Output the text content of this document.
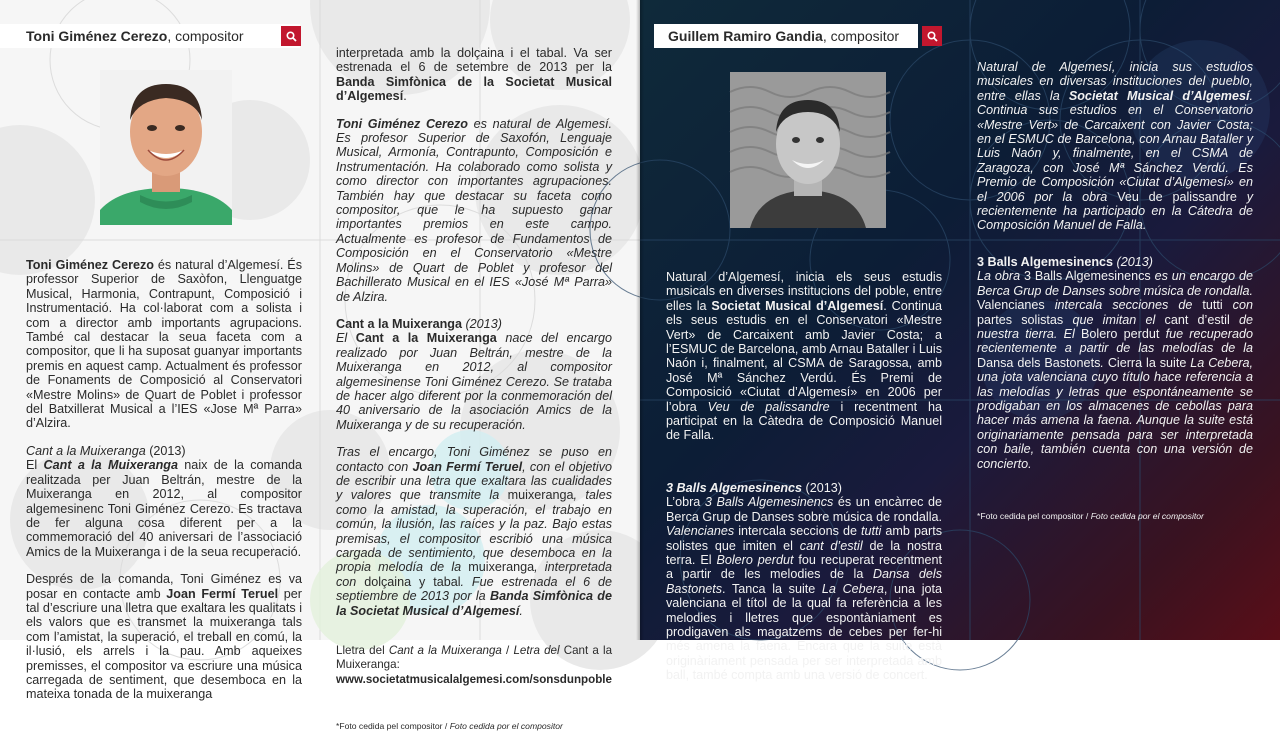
Toni Giménez Cerezo, compositor

Toni Giménez Cerezo és natural d’Algemesí. És professor Superior de Saxòfon, Llenguatge Musical, Harmonia, Contrapunt, Composició i Instrumentació. Ha col·laborat com a solista i com a director amb importants agrupacions. També cal destacar la seua faceta com a compositor, que li ha suposat guanyar importants premis en aquest camp. Actualment és professor de Fonaments de Composició al Conservatori «Mestre Molins» de Quart de Poblet i professor del Batxillerat Musical a l’IES «Jose Mª Parra» d’Alzira.

Cant a la Muixeranga (2013)

El Cant a la Muixeranga naix de la comanda realitzada per Juan Beltrán, mestre de la Muixeranga en 2012, al compositor algemesinenc Toni Giménez Cerezo. Es tractava de fer alguna cosa diferent per a la commemoració del 40 aniversari de l’associació Amics de la Muixeranga i de la seua recuperació.

Després de la comanda, Toni Giménez es va posar en contacte amb Joan Fermí Teruel per tal d’escriure una lletra que exaltara les qualitats i els valors que es transmet la muixeranga tals com l’amistat, la superació, el treball en comú, la il·lusió, els arrels i la pau. Amb aqueixes premisses, el compositor va escriure una música carregada de sentiment, que desemboca en la mateixa tonada de la muixeranga

interpretada amb la dolçaina i el tabal. Va ser estrenada el 6 de setembre de 2013 per la Banda Simfònica de la Societat Musical d’Algemesí.

Toni Giménez Cerezo es natural de Algemesí. Es profesor Superior de Saxofón, Lenguaje Musical, Armonía, Contrapunto, Composición e Instrumentación. Ha colaborado como solista y como director con importantes agrupaciones. También hay que destacar su faceta como compositor, que le ha supuesto ganar importantes premios en este campo. Actualmente es profesor de Fundamentos de Composición en el Conservatorio «Mestre Molins» de Quart de Poblet y profesor del Bachillerato Musical en el IES «José Mª Parra» de Alzira.

Cant a la Muixeranga (2013)

El Cant a la Muixeranga nace del encargo realizado por Juan Beltrán, mestre de la Muixeranga en 2012, al compositor algemesinense Toni Giménez Cerezo. Se trataba de hacer algo diferent por la conmemoración del 40 aniversario de la asociación Amics de la Muixeranga y de su recuperación.

Tras el encargo, Toni Giménez se puso en contacto con Joan Fermí Teruel, con el objetivo de escribir una letra que exaltara las cualidades y valores que transmite la muixeranga, tales como la amistad, la superación, el trabajo en común, la ilusión, las raíces y la paz. Bajo estas premisas, el compositor escribió una música cargada de sentimiento, que desemboca en la propia melodía de la muixeranga, interpretada con dolçaina y tabal. Fue estrenada el 6 de septiembre de 2013 por la Banda Simfònica de la Societat Musical d’Algemesí.

Lletra del Cant a la Muixeranga / Letra del Cant a la Muixeranga:

www.societatmusicalalgemesi.com/sonsdunpoble

*Foto cedida pel compositor / Foto cedida por el compositor

Guillem Ramiro Gandia, compositor

Natural d’Algemesí, inicia els seus estudis musicals en diverses institucions del poble, entre elles la Societat Musical d’Algemesí. Continua els seus estudis en el Conservatori «Mestre Vert» de Carcaixent amb Javier Costa; a l’ESMUC de Barcelona, amb Arnau Bataller i Luis Naón i, finalment, al CSMA de Saragossa, amb José Mª Sánchez Verdú. És Premi de Composició «Ciutat d’Algemesí» en 2006 per l’obra Veu de palissandre i recentment ha participat en la Càtedra de Composició Manuel de Falla.

3 Balls Algemesinencs (2013)

L’obra 3 Balls Algemesinencs és un encàrrec de Berca Grup de Danses sobre música de rondalla. Valencianes intercala seccions de tutti amb parts solistes que imiten el cant d’estil de la nostra terra. El Bolero perdut fou recuperat recentment a partir de les melodies de la Dansa dels Bastonets. Tanca la suite La Cebera, una jota valenciana el títol de la qual fa referència a les melodies i lletres que espontàniament es prodigaven als magatzems de cebes per fer-hi més amena la faena. Encara que la suite està originàriament pensada per ser interpretada amb ball, també compta amb una versió de concert.

Natural de Algemesí, inicia sus estudios musicales en diversas instituciones del pueblo, entre ellas la Societat Musical d’Algemesí. Continua sus estudios en el Conservatorio «Mestre Vert» de Carcaixent con Javier Costa; en el ESMUC de Barcelona, con Arnau Bataller y Luis Naón y, finalmente, en el CSMA de Zaragoza, con José Mª Sánchez Verdú. Es Premio de Composición «Ciutat d’Algemesí» en el 2006 por la obra Veu de palissandre y recientemente ha participado en la Cátedra de Composición Manuel de Falla.

3 Balls Algemesinencs (2013)

La obra 3 Balls Algemesinencs es un encargo de Berca Grup de Danses sobre música de rondalla. Valencianes intercala secciones de tutti con partes solistas que imitan el cant d’estil de nuestra tierra. El Bolero perdut fue recuperado recientemente a partir de las melodías de la Dansa dels Bastonets. Cierra la suite La Cebera, una jota valenciana cuyo título hace referencia a las melodías y letras que espontáneamente se prodigaban en los almacenes de cebollas para hacer más amena la faena. Aunque la suite está originariamente pensada para ser interpretada con baile, también cuenta con una versión de concierto.

*Foto cedida pel compositor / Foto cedida por el compositor
